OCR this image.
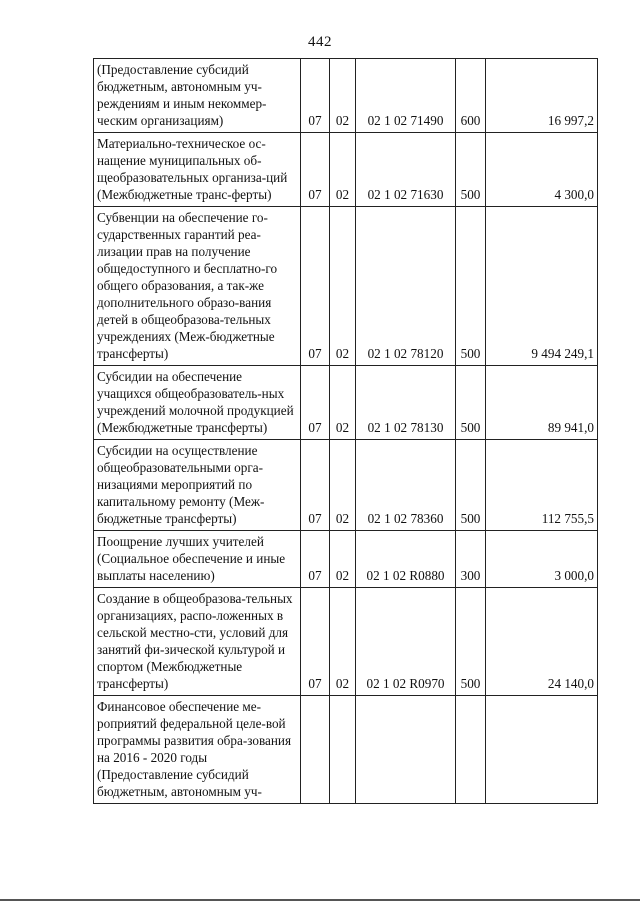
442
(Предоставление субсидий бюджетным, автономным уч-реждениям и иным некоммер-ческим организациям)	07	02	02 1 02 71490	600	16 997,2
Материально-техническое ос-нащение муниципальных об-щеобразовательных организа-ций (Межбюджетные транс-ферты)	07	02	02 1 02 71630	500	4 300,0
Субвенции на обеспечение го-сударственных гарантий реа-лизации прав на получение общедоступного и бесплатно-го общего образования, а так-же дополнительного образо-вания детей в общеобразова-тельных учреждениях (Меж-бюджетные трансферты)	07	02	02 1 02 78120	500	9 494 249,1
Субсидии на обеспечение учащихся общеобразователь-ных учреждений молочной продукцией (Межбюджетные трансферты)	07	02	02 1 02 78130	500	89 941,0
Субсидии на осуществление общеобразовательными орга-низациями мероприятий по капитальному ремонту (Меж-бюджетные трансферты)	07	02	02 1 02 78360	500	112 755,5
Поощрение лучших учителей (Социальное обеспечение и иные выплаты населению)	07	02	02 1 02 R0880	300	3 000,0
Создание в общеобразова-тельных организациях, распо-ложенных в сельской местно-сти, условий для занятий фи-зической культурой и спортом (Межбюджетные трансферты)	07	02	02 1 02 R0970	500	24 140,0
Финансовое обеспечение ме-роприятий федеральной целе-вой программы развития обра-зования на 2016 - 2020 годы (Предоставление субсидий бюджетным, автономным уч-					
